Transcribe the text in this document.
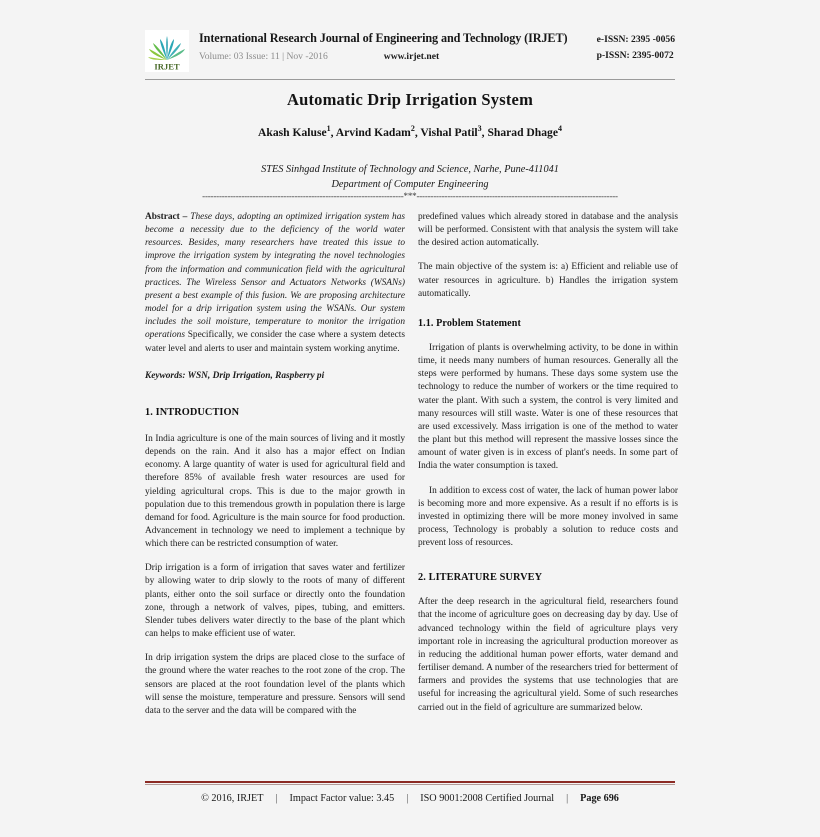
IRJET
International Research Journal of Engineering and Technology (IRJET)
Volume: 03 Issue: 11 | Nov -2016	www.irjet.net
e-ISSN: 2395 -0056
p-ISSN: 2395-0072
Automatic Drip Irrigation System
Akash Kaluse$^1$, Arvind Kadam$^2$, Vishal Patil$^3$, Sharad Dhage$^4$
STES Sinhgad Institute of Technology and Science, Narhe, Pune-411041
Department of Computer Engineering
------------------------------------------------------------------------***------------------------------------------------------------------------

Abstract – These days, adopting an optimized irrigation system has become a necessity due to the deficiency of the world water resources. Besides, many researchers have treated this issue to improve the irrigation system by integrating the novel technologies from the information and communication field with the agricultural practices. The Wireless Sensor and Actuators Networks (WSANs) present a best example of this fusion. We are proposing architecture model for a drip irrigation system using the WSANs. Our system includes the soil moisture, temperature to monitor the irrigation operations Specifically, we consider the case where a system detects water level and alerts to user and maintain system working anytime.

Keywords: WSN, Drip Irrigation, Raspberry pi

1. INTRODUCTION

In India agriculture is one of the main sources of living and it mostly depends on the rain. And it also has a major effect on Indian economy. A large quantity of water is used for agricultural field and therefore 85% of available fresh water resources are used for yielding agricultural crops. This is due to the major growth in population due to this tremendous growth in population there is large demand for food. Agriculture is the main source for food production. Advancement in technology we need to implement a technique by which there can be restricted consumption of water.

Drip irrigation is a form of irrigation that saves water and fertilizer by allowing water to drip slowly to the roots of many of different plants, either onto the soil surface or directly onto the foundation zone, through a network of valves, pipes, tubing, and emitters. Slender tubes delivers water directly to the base of the plant which can helps to make efficient use of water.

In drip irrigation system the drips are placed close to the surface of the ground where the water reaches to the root zone of the crop. The sensors are placed at the root foundation level of the plants which will sense the moisture, temperature and pressure. Sensors will send data to the server and the data will be compared with the

predefined values which already stored in database and the analysis will be performed. Consistent with that analysis the system will take the desired action automatically.

The main objective of the system is: a) Efficient and reliable use of water resources in agriculture. b) Handles the irrigation system automatically.

1.1. Problem Statement

Irrigation of plants is overwhelming activity, to be done in within time, it needs many numbers of human resources. Generally all the steps were performed by humans. These days some system use the technology to reduce the number of workers or the time required to water the plant. With such a system, the control is very limited and many resources will still waste. Water is one of these resources that are used excessively. Mass irrigation is one of the method to water the plant but this method will represent the massive losses since the amount of water given is in excess of plant's needs. In some part of India the water consumption is taxed.

In addition to excess cost of water, the lack of human power labor is becoming more and more expensive. As a result if no efforts is is invested in optimizing there will be more money involved in same process, Technology is probably a solution to reduce costs and prevent loss of resources.

2. LITERATURE SURVEY

After the deep research in the agricultural field, researchers found that the income of agriculture goes on decreasing day by day. Use of advanced technology within the field of agriculture plays very important role in increasing the agricultural production moreover as in reducing the additional human power efforts, water demand and fertiliser demand. A number of the researchers tried for betterment of farmers and provides the systems that use technologies that are useful for increasing the agricultural yield. Some of such researches carried out in the field of agriculture are summarized below.

© 2016, IRJET	|	Impact Factor value: 3.45	|	ISO 9001:2008 Certified Journal	|	Page 696
